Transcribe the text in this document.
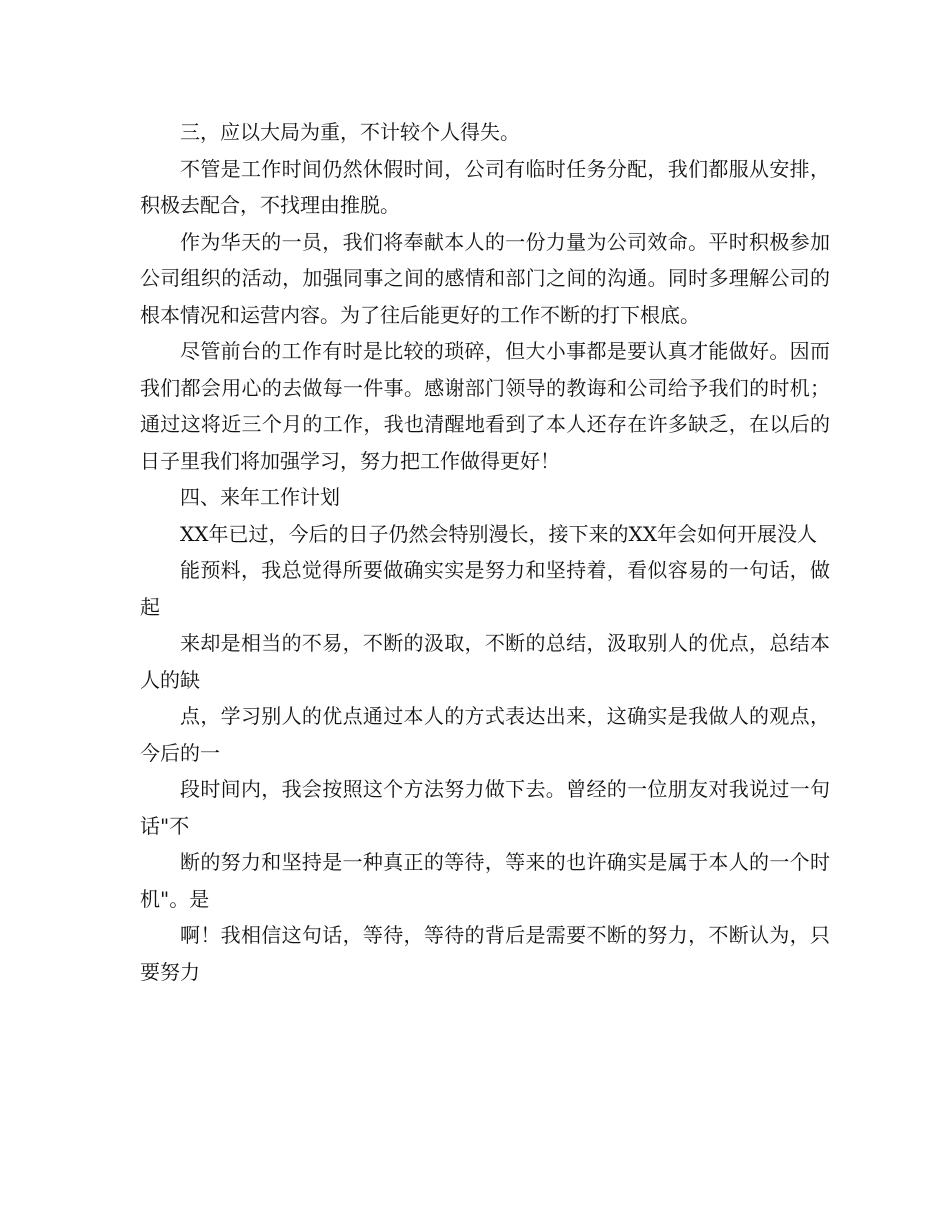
三，应以大局为重，不计较个人得失。

不管是工作时间仍然休假时间，公司有临时任务分配，我们都服从安排，积极去配合，不找理由推脱。

作为华天的一员，我们将奉献本人的一份力量为公司效命。平时积极参加公司组织的活动，加强同事之间的感情和部门之间的沟通。同时多理解公司的根本情况和运营内容。为了往后能更好的工作不断的打下根底。

尽管前台的工作有时是比较的琐碎，但大小事都是要认真才能做好。因而我们都会用心的去做每一件事。感谢部门领导的教诲和公司给予我们的时机；通过这将近三个月的工作，我也清醒地看到了本人还存在许多缺乏，在以后的日子里我们将加强学习，努力把工作做得更好！

四、来年工作计划

XX年已过，今后的日子仍然会特别漫长，接下来的XX年会如何开展没人

能预料，我总觉得所要做确实实是努力和坚持着，看似容易的一句话，做起

来却是相当的不易，不断的汲取，不断的总结，汲取别人的优点，总结本人的缺

点，学习别人的优点通过本人的方式表达出来，这确实是我做人的观点，今后的一

段时间内，我会按照这个方法努力做下去。曾经的一位朋友对我说过一句话"不

断的努力和坚持是一种真正的等待，等来的也许确实是属于本人的一个时机"。是

啊！我相信这句话，等待，等待的背后是需要不断的努力，不断认为，只要努力
